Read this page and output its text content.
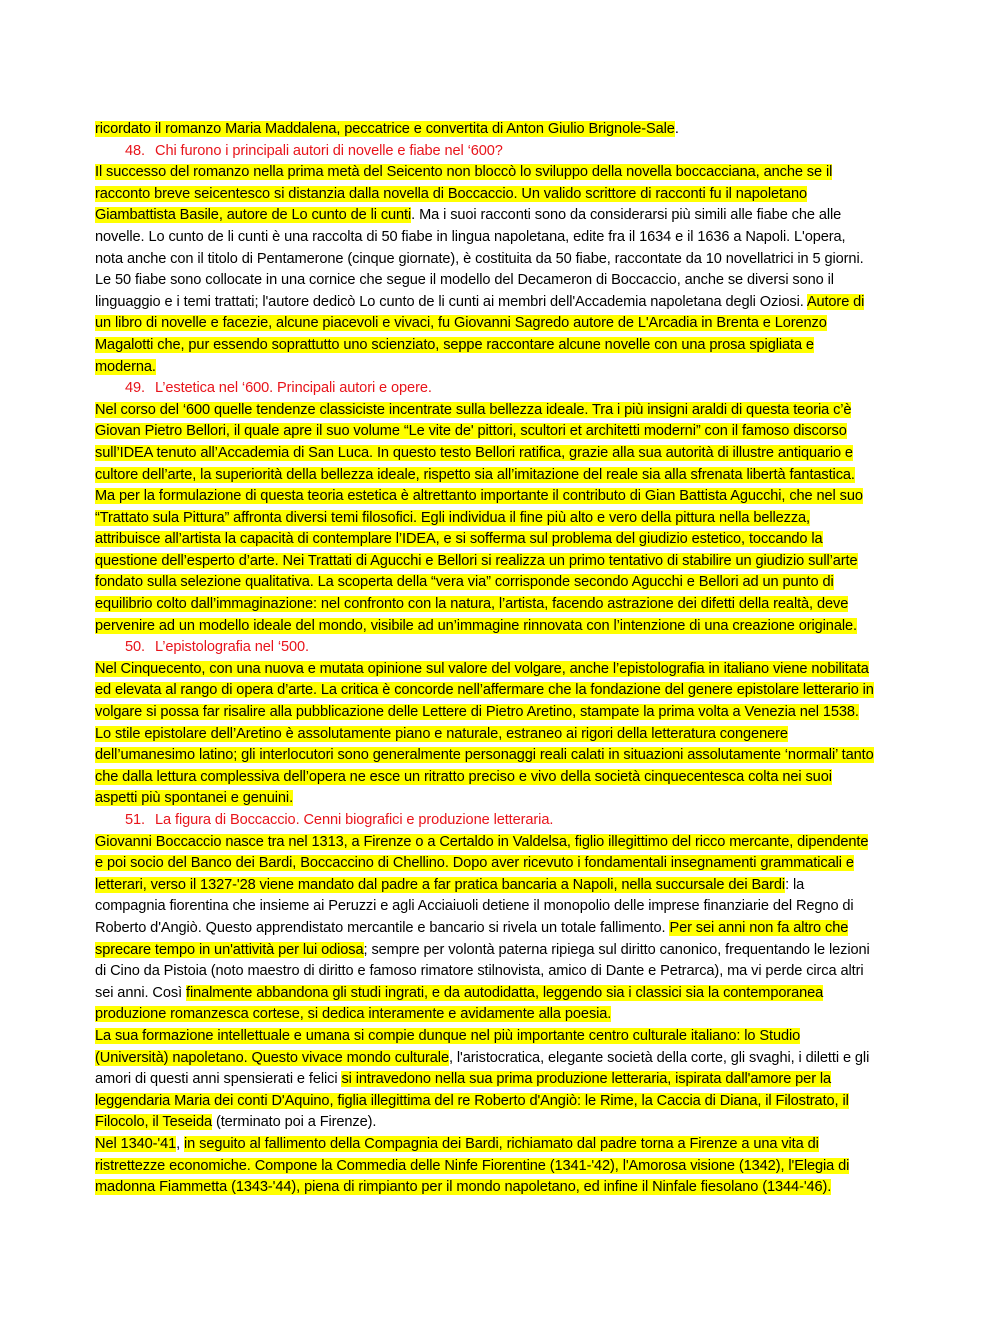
ricordato il romanzo Maria Maddalena, peccatrice e convertita di Anton Giulio Brignole-Sale.

48. Chi furono i principali autori di novelle e fiabe nel ‘600?

Il successo del romanzo nella prima metà del Seicento non bloccò lo sviluppo della novella boccacciana, anche se il racconto breve seicentesco si distanzia dalla novella di Boccaccio. Un valido scrittore di racconti fu il napoletano Giambattista Basile, autore de Lo cunto de li cunti. Ma i suoi racconti sono da considerarsi più simili alle fiabe che alle novelle. Lo cunto de li cunti è una raccolta di 50 fiabe in lingua napoletana, edite fra il 1634 e il 1636 a Napoli. L'opera, nota anche con il titolo di Pentamerone (cinque giornate), è costituita da 50 fiabe, raccontate da 10 novellatrici in 5 giorni. Le 50 fiabe sono collocate in una cornice che segue il modello del Decameron di Boccaccio, anche se diversi sono il linguaggio e i temi trattati; l'autore dedicò Lo cunto de li cunti ai membri dell'Accademia napoletana degli Oziosi. Autore di un libro di novelle e facezie, alcune piacevoli e vivaci, fu Giovanni Sagredo autore de L'Arcadia in Brenta e Lorenzo Magalotti che, pur essendo soprattutto uno scienziato, seppe raccontare alcune novelle con una prosa spigliata e moderna.

49. L’estetica nel ‘600. Principali autori e opere.

Nel corso del ‘600 quelle tendenze classiciste incentrate sulla bellezza ideale. Tra i più insigni araldi di questa teoria c’è Giovan Pietro Bellori, il quale apre il suo volume “Le vite de' pittori, scultori et architetti moderni” con il famoso discorso sull’IDEA tenuto all’Accademia di San Luca. In questo testo Bellori ratifica, grazie alla sua autorità di illustre antiquario e cultore dell’arte, la superiorità della bellezza ideale, rispetto sia all’imitazione del reale sia alla sfrenata libertà fantastica. Ma per la formulazione di questa teoria estetica è altrettanto importante il contributo di Gian Battista Agucchi, che nel suo “Trattato sula Pittura” affronta diversi temi filosofici. Egli individua il fine più alto e vero della pittura nella bellezza, attribuisce all’artista la capacità di contemplare l’IDEA, e si sofferma sul problema del giudizio estetico, toccando la questione dell’esperto d’arte. Nei Trattati di Agucchi e Bellori si realizza un primo tentativo di stabilire un giudizio sull’arte fondato sulla selezione qualitativa. La scoperta della “vera via” corrisponde secondo Agucchi e Bellori ad un punto di equilibrio colto dall’immaginazione: nel confronto con la natura, l’artista, facendo astrazione dei difetti della realtà, deve pervenire ad un modello ideale del mondo, visibile ad un’immagine rinnovata con l’intenzione di una creazione originale.

50. L’epistolografia nel ‘500.

Nel Cinquecento, con una nuova e mutata opinione sul valore del volgare, anche l’epistolografia in italiano viene nobilitata ed elevata al rango di opera d’arte. La critica è concorde nell’affermare che la fondazione del genere epistolare letterario in volgare si possa far risalire alla pubblicazione delle Lettere di Pietro Aretino, stampate la prima volta a Venezia nel 1538. Lo stile epistolare dell’Aretino è assolutamente piano e naturale, estraneo ai rigori della letteratura congenere dell’umanesimo latino; gli interlocutori sono generalmente personaggi reali calati in situazioni assolutamente ‘normali’ tanto che dalla lettura complessiva dell’opera ne esce un ritratto preciso e vivo della società cinquecentesca colta nei suoi aspetti più spontanei e genuini.

51. La figura di Boccaccio. Cenni biografici e produzione letteraria.

Giovanni Boccaccio nasce tra nel 1313, a Firenze o a Certaldo in Valdelsa, figlio illegittimo del ricco mercante, dipendente e poi socio del Banco dei Bardi, Boccaccino di Chellino. Dopo aver ricevuto i fondamentali insegnamenti grammaticali e letterari, verso il 1327-'28 viene mandato dal padre a far pratica bancaria a Napoli, nella succursale dei Bardi: la compagnia fiorentina che insieme ai Peruzzi e agli Acciaiuoli detiene il monopolio delle imprese finanziarie del Regno di Roberto d'Angiò. Questo apprendistato mercantile e bancario si rivela un totale fallimento. Per sei anni non fa altro che sprecare tempo in un'attività per lui odiosa; sempre per volontà paterna ripiega sul diritto canonico, frequentando le lezioni di Cino da Pistoia (noto maestro di diritto e famoso rimatore stilnovista, amico di Dante e Petrarca), ma vi perde circa altri sei anni. Così finalmente abbandona gli studi ingrati, e da autodidatta, leggendo sia i classici sia la contemporanea produzione romanzesca cortese, si dedica interamente e avidamente alla poesia.

La sua formazione intellettuale e umana si compie dunque nel più importante centro culturale italiano: lo Studio (Università) napoletano. Questo vivace mondo culturale, l'aristocratica, elegante società della corte, gli svaghi, i diletti e gli amori di questi anni spensierati e felici si intravedono nella sua prima produzione letteraria, ispirata dall'amore per la leggendaria Maria dei conti D'Aquino, figlia illegittima del re Roberto d'Angiò: le Rime, la Caccia di Diana, il Filostrato, il Filocolo, il Teseida (terminato poi a Firenze).

Nel 1340-'41, in seguito al fallimento della Compagnia dei Bardi, richiamato dal padre torna a Firenze a una vita di ristrettezze economiche. Compone la Commedia delle Ninfe Fiorentine (1341-'42), l'Amorosa visione (1342), l'Elegia di madonna Fiammetta (1343-'44), piena di rimpianto per il mondo napoletano, ed infine il Ninfale fiesolano (1344-'46).
